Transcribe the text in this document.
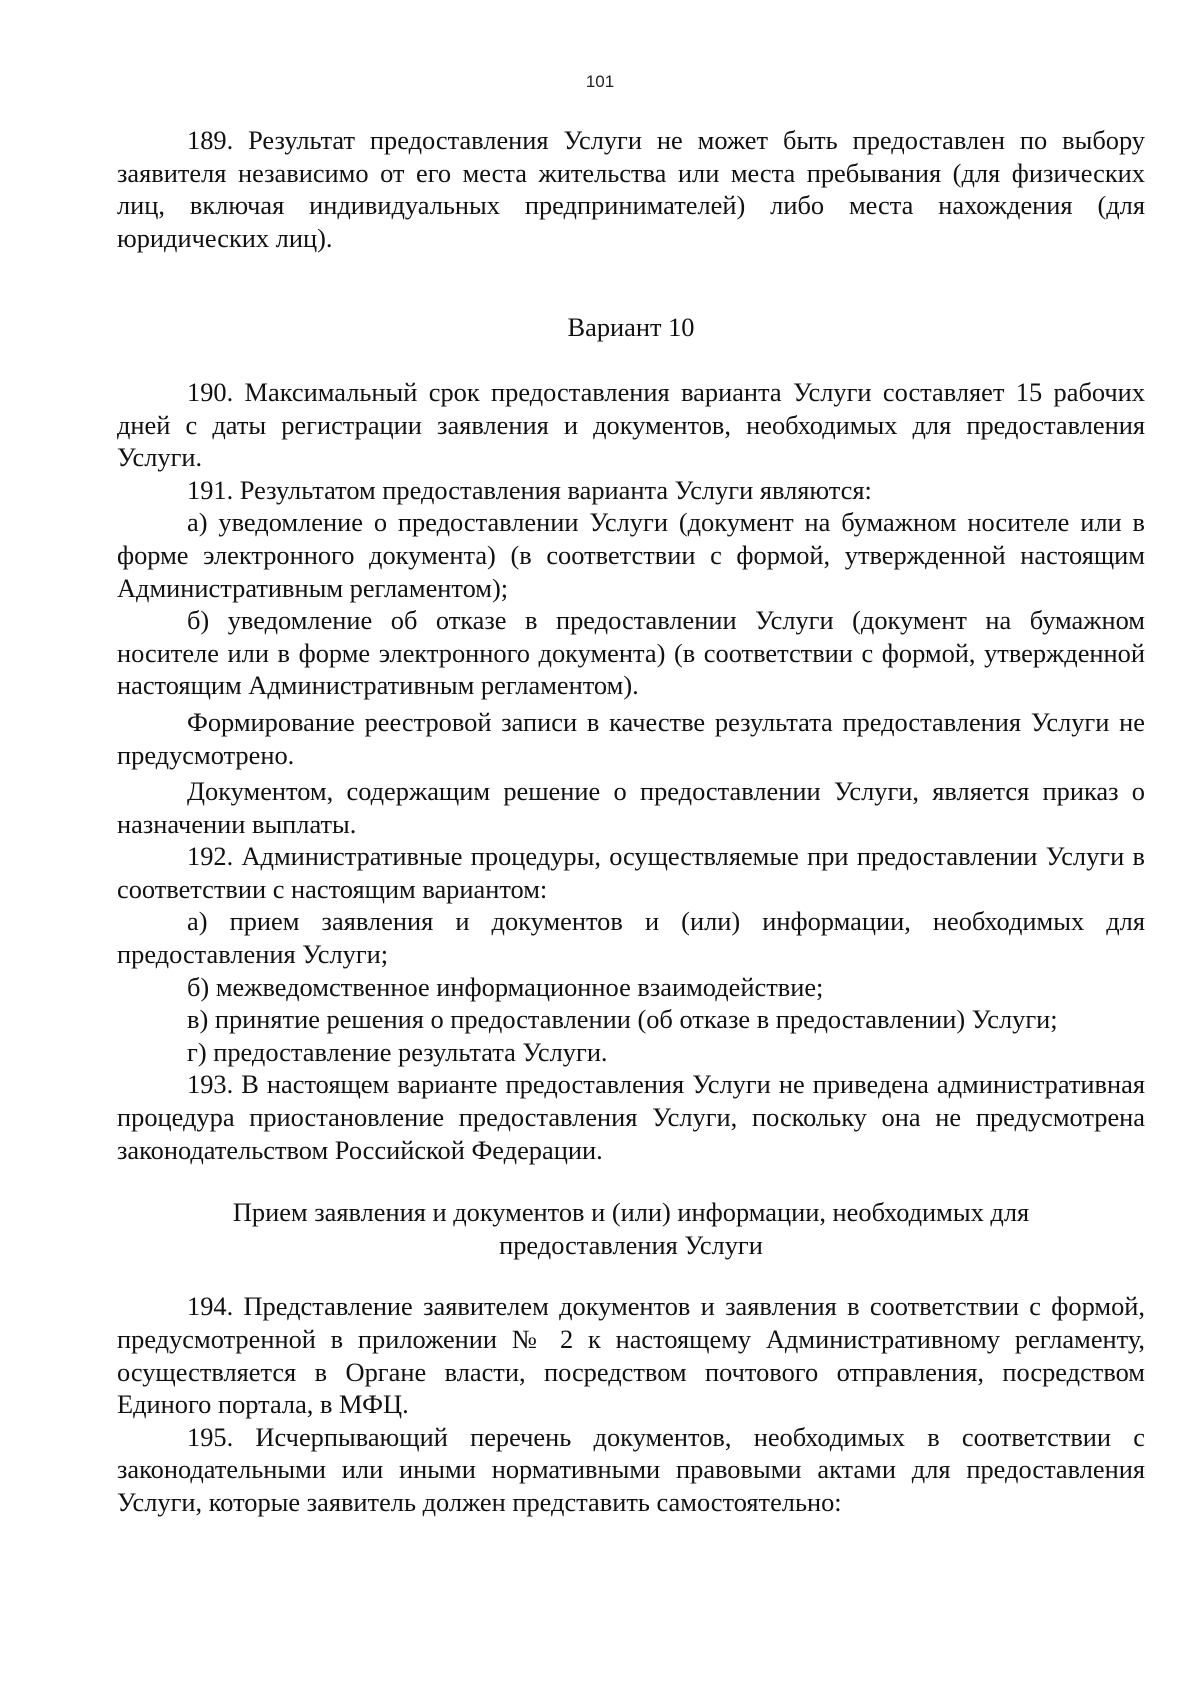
101

189. Результат предоставления Услуги не может быть предоставлен по выбору заявителя независимо от его места жительства или места пребывания (для физических лиц, включая индивидуальных предпринимателей) либо места нахождения (для юридических лиц).

Вариант 10

190. Максимальный срок предоставления варианта Услуги составляет 15 рабочих дней с даты регистрации заявления и документов, необходимых для предоставления Услуги.

191. Результатом предоставления варианта Услуги являются:

а) уведомление о предоставлении Услуги (документ на бумажном носителе или в форме электронного документа) (в соответствии с формой, утвержденной настоящим Административным регламентом);

б) уведомление об отказе в предоставлении Услуги (документ на бумажном носителе или в форме электронного документа) (в соответствии с формой, утвержденной настоящим Административным регламентом).

Формирование реестровой записи в качестве результата предоставления Услуги не предусмотрено.

Документом, содержащим решение о предоставлении Услуги, является приказ о назначении выплаты.

192. Административные процедуры, осуществляемые при предоставлении Услуги в соответствии с настоящим вариантом:

а) прием заявления и документов и (или) информации, необходимых для предоставления Услуги;

б) межведомственное информационное взаимодействие;

в) принятие решения о предоставлении (об отказе в предоставлении) Услуги;

г) предоставление результата Услуги.

193. В настоящем варианте предоставления Услуги не приведена административная процедура приостановление предоставления Услуги, поскольку она не предусмотрена законодательством Российской Федерации.

Прием заявления и документов и (или) информации, необходимых для

предоставления Услуги

194. Представление заявителем документов и заявления в соответствии с формой, предусмотренной в приложении № 2 к настоящему Административному регламенту, осуществляется в Органе власти, посредством почтового отправления, посредством Единого портала, в МФЦ.

195. Исчерпывающий перечень документов, необходимых в соответствии с законодательными или иными нормативными правовыми актами для предоставления Услуги, которые заявитель должен представить самостоятельно:
